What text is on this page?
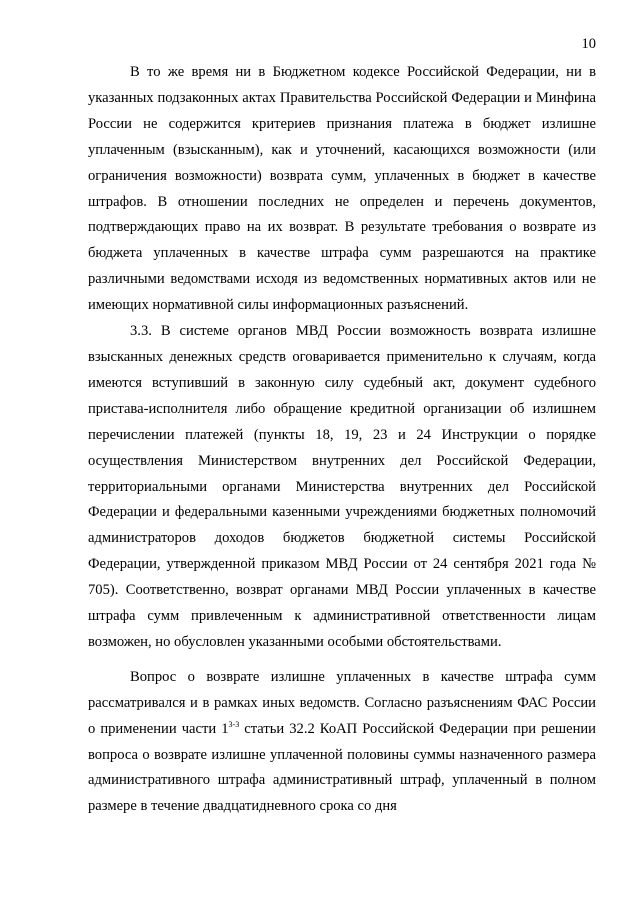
10

В то же время ни в Бюджетном кодексе Российской Федерации, ни в указанных подзаконных актах Правительства Российской Федерации и Минфина России не содержится критериев признания платежа в бюджет излишне уплаченным (взысканным), как и уточнений, касающихся возможности (или ограничения возможности) возврата сумм, уплаченных в бюджет в качестве штрафов. В отношении последних не определен и перечень документов, подтверждающих право на их возврат. В результате требования о возврате из бюджета уплаченных в качестве штрафа сумм разрешаются на практике различными ведомствами исходя из ведомственных нормативных актов или не имеющих нормативной силы информационных разъяснений.

3.3. В системе органов МВД России возможность возврата излишне взысканных денежных средств оговаривается применительно к случаям, когда имеются вступивший в законную силу судебный акт, документ судебного пристава-исполнителя либо обращение кредитной организации об излишнем перечислении платежей (пункты 18, 19, 23 и 24 Инструкции о порядке осуществления Министерством внутренних дел Российской Федерации, территориальными органами Министерства внутренних дел Российской Федерации и федеральными казенными учреждениями бюджетных полномочий администраторов доходов бюджетов бюджетной системы Российской Федерации, утвержденной приказом МВД России от 24 сентября 2021 года № 705). Соответственно, возврат органами МВД России уплаченных в качестве штрафа сумм привлеченным к административной ответственности лицам возможен, но обусловлен указанными особыми обстоятельствами.

Вопрос о возврате излишне уплаченных в качестве штрафа сумм рассматривался и в рамках иных ведомств. Согласно разъяснениям ФАС России о применении части 1$^{3-3}$ статьи 32.2 КоАП Российской Федерации при решении вопроса о возврате излишне уплаченной половины суммы назначенного размера административного штрафа административный штраф, уплаченный в полном размере в течение двадцатидневного срока со дня
